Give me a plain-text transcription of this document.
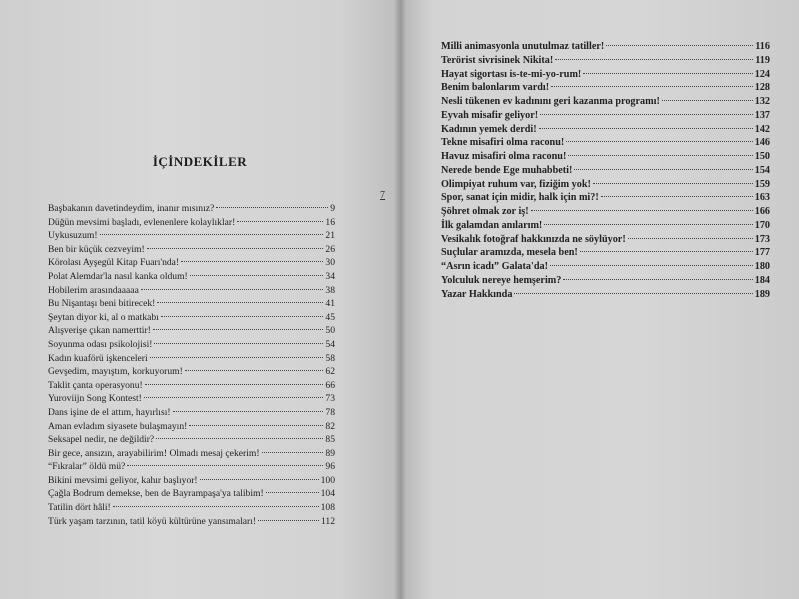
İÇİNDEKİLER
Başbakanın davetindeydim, inanır mısınız?	9
Düğün mevsimi başladı, evlenenlere kolaylıklar!	16
Uykusuzum!	21
Ben bir küçük cezveyim!	26
Körolası Ayşegül Kitap Fuarı'nda!	30
Polat Alemdar'la nasıl kanka oldum!	34
Hobilerim arasındaaaaa	38
Bu Nişantaşı beni bitirecek!	41
Şeytan diyor ki, al o matkabı	45
Alışverişe çıkan namerttir!	50
Soyunma odası psikolojisi!	54
Kadın kuaförü işkenceleri	58
Gevşedim, mayıştım, korkuyorum!	62
Taklit çanta operasyonu!	66
Yuroviijn Song Kontest!	73
Dans işine de el attım, hayırlısı!	78
Aman evladım siyasete bulaşmayın!	82
Seksapel nedir, ne değildir?	85
Bir gece, ansızın, arayabilirim! Olmadı mesaj çekerim!	89
“Fıkralar” öldü mü?	96
Bikini mevsimi geliyor, kahır başlıyor!	100
Çağla Bodrum demekse, ben de Bayrampaşa'ya talibim!	104
Tatilin dört hâli!	108
Türk yaşam tarzının, tatil köyü kültürüne yansımaları!	112
Milli animasyonla unutulmaz tatiller!	116
Terörist sivrisinek Nikita!	119
Hayat sigortası is-te-mi-yo-rum!	124
Benim balonlarım vardı!	128
Nesli tükenen ev kadınını geri kazanma programı!	132
Eyvah misafir geliyor!	137
Kadının yemek derdi!	142
Tekne misafiri olma raconu!	146
Havuz misafiri olma raconu!	150
Nerede bende Ege muhabbeti!	154
Olimpiyat ruhum var, fiziğim yok!	159
Spor, sanat için midir, halk için mi?!	163
Şöhret olmak zor iş!	166
İlk galamdan anılarım!	170
Vesikalık fotoğraf hakkınızda ne söylüyor!	173
Suçlular aramızda, mesela ben!	177
“Asrın icadı” Galata'da!	180
Yolculuk nereye hemşerim?	184
Yazar Hakkında	189
7
